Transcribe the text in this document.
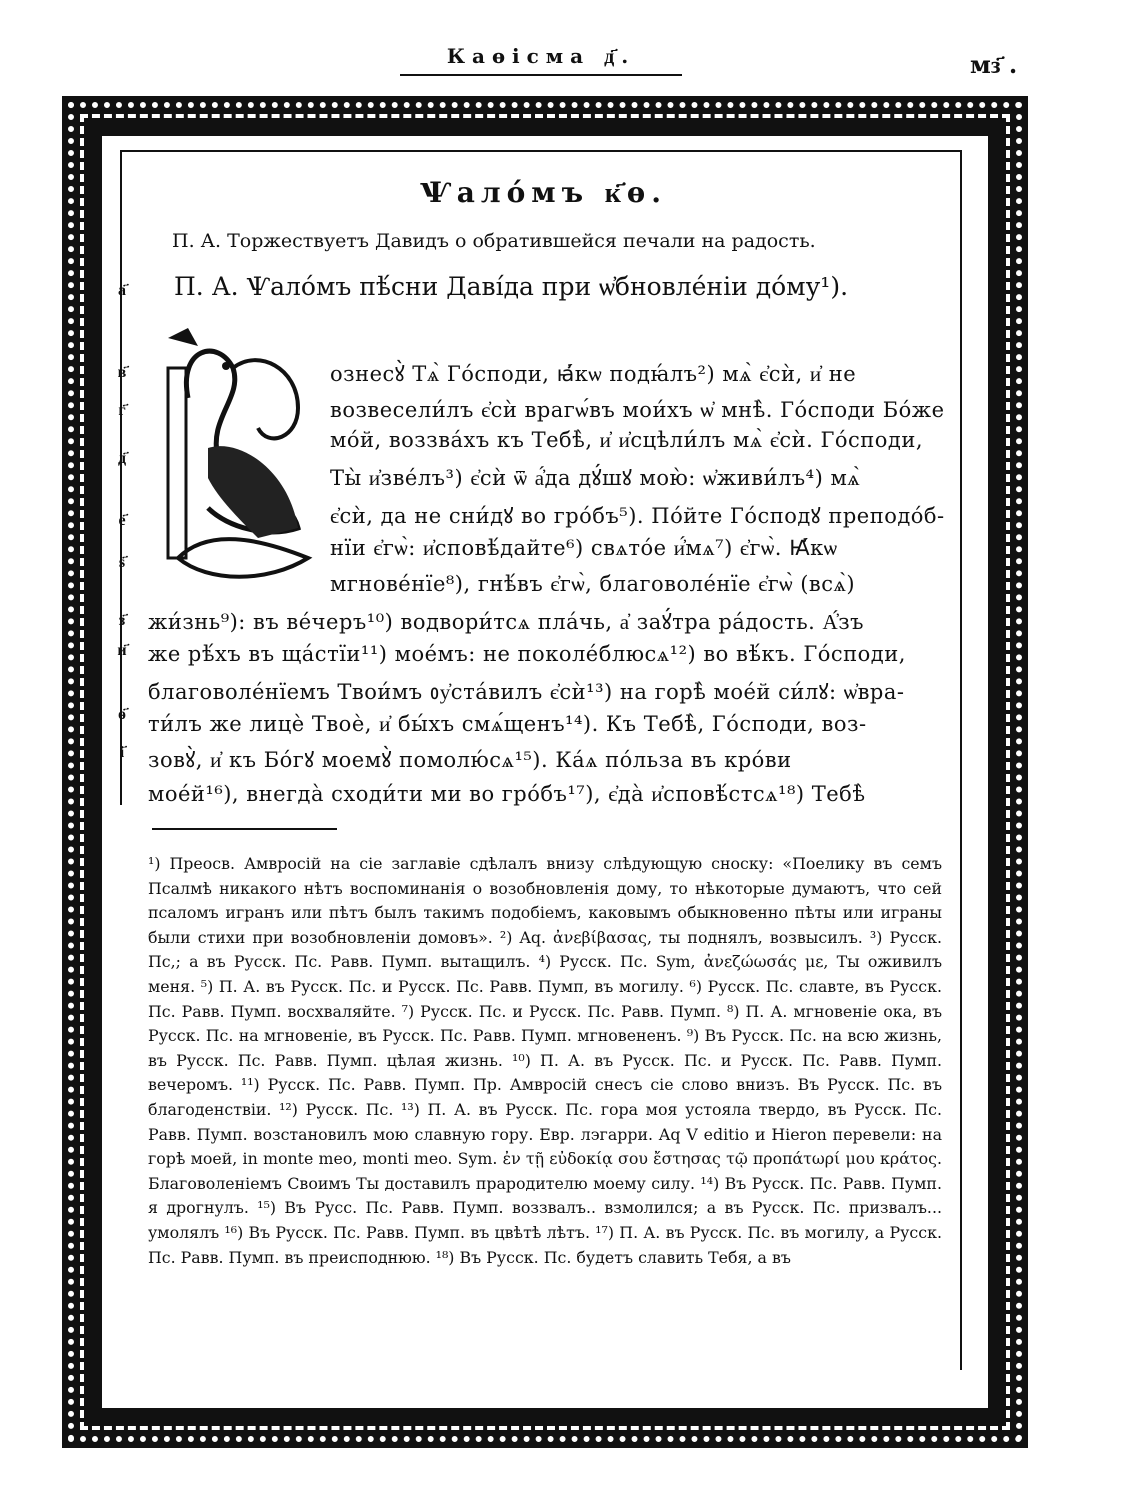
Каѳісма д҃.	мз҃ .
а҃
в҃
г҃
д҃
е҃
ѕ҃
з҃
и҃
ѳ҃
і҃
Ѱалóмъ к҃ѳ.
П. А. Торжествуетъ Давидъ о обратившейся печали на радость.
П. А. Ѱалóмъ пѣ́сни Давíда при ѡ҆бновлéніи до́му¹).
ознесꙋ̀ Тѧ̀ Гóсподи, ꙗ҆́кѡ подꙗ́лъ²) мѧ̀ є҆сѝ, и҆ не
возвесели́лъ є҆сѝ врагѡ́въ мои́хъ ѡ҆ мнѣ̀. Гóсподи Бóже
мóй, воззвáхъ къ Тебѣ̀, и҆ и҆сцѣли́лъ мѧ̀ є҆сѝ. Гóсподи,
Ты̀ и҆звéлъ³) є҆сѝ ѿ а҆́да дꙋ́шꙋ мою̀: ѡ҆живи́лъ⁴) мѧ̀
є҆сѝ, да не сни́дꙋ во грóбъ⁵). Пóйте Гóсподꙋ преподóб-
нїи є҆гѡ̀: и҆сповѣ́дайте⁶) свѧтóе и҆́мѧ⁷) є҆гѡ̀. Ꙗ҆́кѡ
мгновéнїе⁸), гнѣ́въ є҆гѡ̀, благоволéнїе є҆гѡ̀ (всѧ̀)
жи́знь⁹): въ вéчеръ¹⁰) водвори́тсѧ пла́чь, а҆ заꙋ́тра рáдость. А҆́зъ
же рѣ́хъ въ ща́стїи¹¹) моéмъ: не поколéблюсѧ¹²) во вѣ́къ. Гóсподи,
благоволéнїемъ Твои́мъ ᲂу҆стáвилъ є҆сѝ¹³) на горѣ̀ моéй си́лꙋ: ѡ҆вра-
ти́лъ же лицѐ Твоѐ, и҆ бы́хъ смѧ́щенъ¹⁴). Къ Тебѣ̀, Гóсподи, воз-
зовꙋ̀, и҆ къ Бóгꙋ моемꙋ̀ помолю́сѧ¹⁵). Кáѧ пóльза въ крóви
моéй¹⁶), внегдà сходи́ти ми во грóбъ¹⁷), є҆дà и҆сповѣ́стсѧ¹⁸) Тебѣ̀

¹) Преосв. Амвросій на сіе заглавіе сдѣлалъ внизу слѣдующую сноску: «Поелику въ семъ Псалмѣ никакого нѣтъ воспоминанія о возобновленія дому, то нѣкоторые думаютъ, что сей псаломъ игранъ или пѣтъ былъ такимъ подобіемъ, каковымъ обыкновенно пѣты или играны были стихи при возобновленіи домовъ». ²) Aq. ἀνεβίβασας, ты поднялъ, возвысилъ. ³) Русск. Пс,; а въ Русск. Пс. Равв. Пумп. вытащилъ. ⁴) Русск. Пс. Sym, ἀνεζώωσάς με, Ты оживилъ меня. ⁵) П. А. въ Русск. Пс. и Русск. Пс. Равв. Пумп, въ могилу. ⁶) Русск. Пс. славте, въ Русск. Пс. Равв. Пумп. восхваляйте. ⁷) Русск. Пс. и Русск. Пс. Равв. Пумп. ⁸) П. А. мгновеніе ока, въ Русск. Пс. на мгновеніе, въ Русск. Пс. Равв. Пумп. мгновененъ. ⁹) Въ Русск. Пс. на всю жизнь, въ Русск. Пс. Равв. Пумп. цѣлая жизнь. ¹⁰) П. А. въ Русск. Пс. и Русск. Пс. Равв. Пумп. вечеромъ. ¹¹) Русск. Пс. Равв. Пумп. Пр. Амвросій снесъ сіе слово внизъ. Въ Русск. Пс. въ благоденствіи. ¹²) Русск. Пс. ¹³) П. А. въ Русск. Пс. гора моя устояла твердо, въ Русск. Пс. Равв. Пумп. возстановилъ мою славную гору. Евр. лэгарри. Aq V editio и Hieron перевели: на горѣ моей, in monte meo, monti meo. Sym. ἐν τῇ εὐδοκίᾳ σου ἔστησας τῷ προπάτωρί μου κράτος. Благоволеніемъ Своимъ Ты доставилъ прародителю моему силу. ¹⁴) Въ Русск. Пс. Равв. Пумп. я дрогнулъ. ¹⁵) Въ Русс. Пс. Равв. Пумп. воззвалъ.. взмолился; а въ Русск. Пс. призвалъ... умолялъ ¹⁶) Въ Русск. Пс. Равв. Пумп. въ цвѣтѣ лѣтъ. ¹⁷) П. А. въ Русск. Пс. въ могилу, а Русск. Пс. Равв. Пумп. въ преисподнюю. ¹⁸) Въ Русск. Пс. будетъ славить Тебя, а въ
